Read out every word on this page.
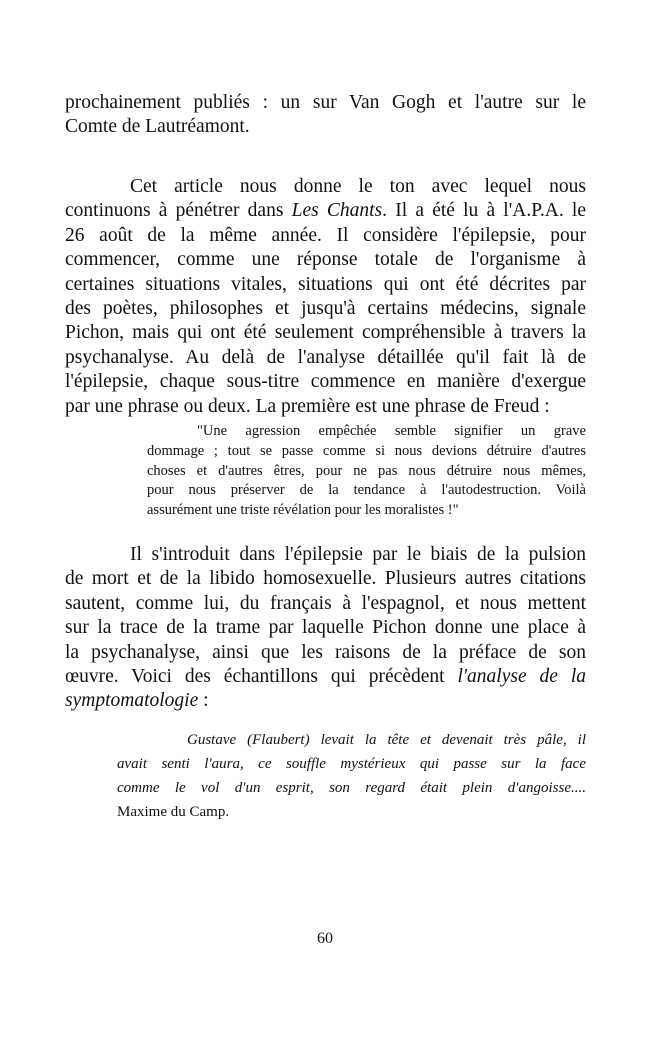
prochainement publiés : un sur Van Gogh et l'autre sur le
Comte de Lautréamont.
Cet article nous donne le ton avec lequel nous
continuons à pénétrer dans Les Chants. Il a été lu à l'A.P.A. le
26 août de la même année. Il considère l'épilepsie, pour
commencer, comme une réponse totale de l'organisme à
certaines situations vitales, situations qui ont été décrites par
des poètes, philosophes et jusqu'à certains médecins, signale
Pichon, mais qui ont été seulement compréhensible à travers la
psychanalyse. Au delà de l'analyse détaillée qu'il fait là de
l'épilepsie, chaque sous-titre commence en manière d'exergue
par une phrase ou deux. La première est une phrase de Freud :
"Une agression empêchée semble signifier un grave
dommage ; tout se passe comme si nous devions détruire d'autres
choses et d'autres êtres, pour ne pas nous détruire nous mêmes,
pour nous préserver de la tendance à l'autodestruction. Voilà
assurément une triste révélation pour les moralistes !"
Il s'introduit dans l'épilepsie par le biais de la pulsion
de mort et de la libido homosexuelle. Plusieurs autres citations
sautent, comme lui, du français à l'espagnol, et nous mettent
sur la trace de la trame par laquelle Pichon donne une place à
la psychanalyse, ainsi que les raisons de la préface de son
œuvre. Voici des échantillons qui précèdent l'analyse de la
symptomatologie :
Gustave (Flaubert) levait la tête et devenait très pâle, il
avait senti l'aura, ce souffle mystérieux qui passe sur la face
comme le vol d'un esprit, son regard était plein d'angoisse....
Maxime du Camp.
60
